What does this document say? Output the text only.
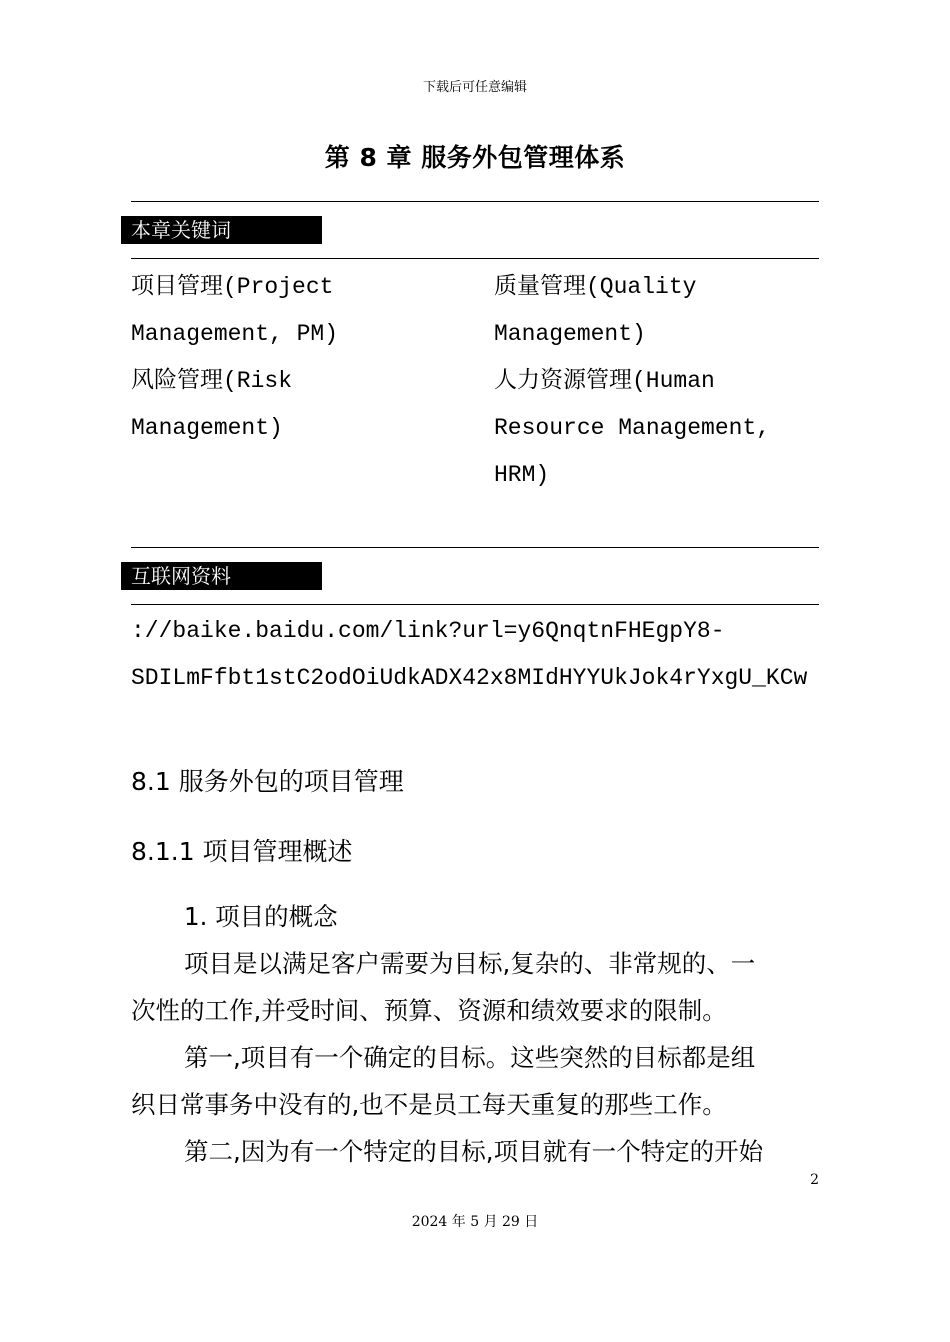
下载后可任意编辑
第 8 章 服务外包管理体系
本章关键词
项目管理(Project
Management, PM)
风险管理(Risk
Management)
质量管理(Quality
Management)
人力资源管理(Human
Resource Management,
HRM)
互联网资料
://baike.baidu.com/link?url=y6QnqtnFHEgpY8-
SDILmFfbt1stC2odOiUdkADX42x8MIdHYYUkJok4rYxgU_KCw
8.1 服务外包的项目管理
8.1.1 项目管理概述
1. 项目的概念
项目是以满足客户需要为目标,复杂的、非常规的、一
次性的工作,并受时间、预算、资源和绩效要求的限制。
第一,项目有一个确定的目标。这些突然的目标都是组
织日常事务中没有的,也不是员工每天重复的那些工作。
第二,因为有一个特定的目标,项目就有一个特定的开始
2
2024 年 5 月 29 日
